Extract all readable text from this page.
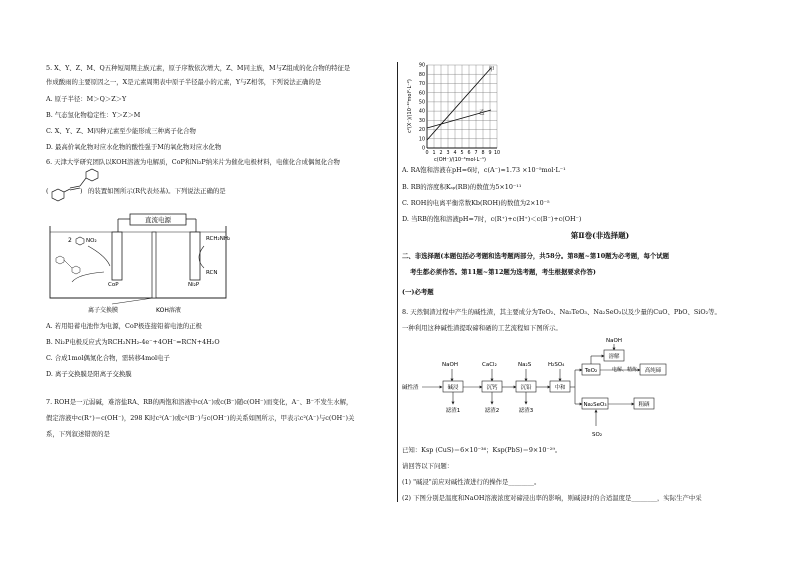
5. X、Y、Z、M、Q五种短周期主族元素，原子序数依次增大，Z、M同主族，M与Z组成的化合物的特征是
作成酸雨的主要原因之一，X是元素周期表中原子半径最小的元素，Y与Z相邻，下列说法正确的是
A. 原子半径：M＞Q＞Z＞Y
B. 气态氢化物稳定性：Y＞Z＞M
C. X、Y、Z、M四种元素至少能形成三种离子化合物
D. 最高价氧化物对应水化物的酸性强于M的氧化物对应水化物
6. 天津大学研究团队以KOH溶液为电解质，CoP和Ni₂P纳米片为催化电极材料，电催化合成偶氮化合物
(	) 的装置如图所示(R代表烃基)。下列说法正确的是
直流电源
2	NO₂	RCH₂NH₂
RCN
CoP	Ni₂P
离子交换膜	KOH溶液
A. 若用铅蓄电池作为电源，CoP极连接铅蓄电池的正极
B. Ni₂P电极反应式为RCH₂NH₂-4e⁻+4OH⁻=RCN+4H₂O
C. 合成1mol偶氮化合物，需转移4mol电子
D. 离子交换膜是阳离子交换膜
7. ROH是一元弱碱，难溶盐RA、RB的两饱和溶液中c(A⁻)或c(B⁻)随c(OH⁻)而变化，A⁻、B⁻不发生水解，
假定溶液中c(R⁺)＝c(OH⁻)，298 K时c²(A⁻)或c²(B⁻)与c(OH⁻)的关系如图所示，甲表示c²(A⁻)与c(OH⁻)关
系，下列叙述错误的是
c²(X⁻)/(10⁻¹⁰mol²·L⁻²)
0
10
20
30
40
50
60
70
80
90
0 1 2 3 4 5 6 7 8 9 10
甲
乙
c(OH⁻)/(10⁻⁴mol·L⁻¹)
A. RA饱和溶液在pH=6时，c(A⁻)≈1.73 ×10⁻⁵mol·L⁻¹
B. RB的溶度积Kₛₚ(RB)的数值为5×10⁻¹¹
C. ROH的电离平衡常数Kb(ROH)的数值为2×10⁻⁵
D. 当RB的饱和溶液pH=7时，c(R⁺)+c(H⁺)＜c(B⁻)+c(OH⁻)
第Ⅱ卷(非选择题)
二、非选择题(本题包括必考题和选考题两部分，共58分。第8题~第10题为必考题，每个试题
考生都必须作答。第11题~第12题为选考题，考生根据要求作答)
(一)必考题
8. 天然铜渣过程中产生的碱性渣，其主要成分为TeO₂、Na₂TeO₃、Na₂SeO₃以及少量的CuO、PbO、SiO₂等。
一种利用这种碱性渣提取碲和硒的工艺流程如下图所示。
碱性渣
NaOH
碱浸
滤渣1
CaCl₂
沉钙
滤渣2
Na₂S
沉铅
滤渣3
H₂SO₄
中和
TeO₂
NaOH
溶解
电解、精炼 高纯碲
Na₂SeO₃	粗硒
SO₂
已知：Ksp (CuS)＝6×10⁻³⁶；Ksp(PbS)＝9×10⁻²⁹。
请回答以下问题：
(1) "碱浸"前应对碱性渣进行的操作是________。
(2) 下图分别是温度和NaOH溶液浓度对碲浸出率的影响，则碱浸时的合适温度是________，实际生产中采
